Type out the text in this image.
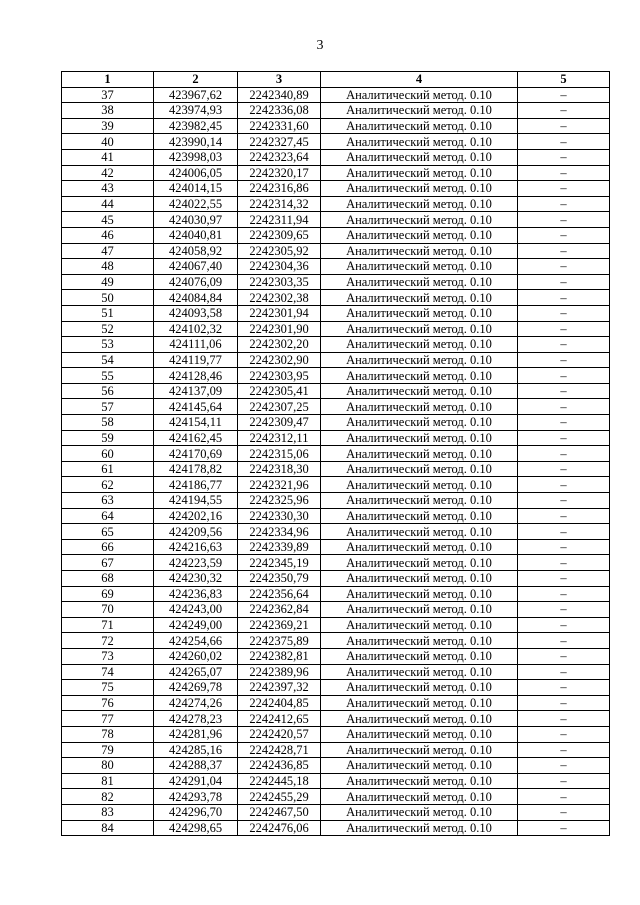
3
1	2	3	4	5
37	423967,62	2242340,89	Аналитический метод. 0.10	–
38	423974,93	2242336,08	Аналитический метод. 0.10	–
39	423982,45	2242331,60	Аналитический метод. 0.10	–
40	423990,14	2242327,45	Аналитический метод. 0.10	–
41	423998,03	2242323,64	Аналитический метод. 0.10	–
42	424006,05	2242320,17	Аналитический метод. 0.10	–
43	424014,15	2242316,86	Аналитический метод. 0.10	–
44	424022,55	2242314,32	Аналитический метод. 0.10	–
45	424030,97	2242311,94	Аналитический метод. 0.10	–
46	424040,81	2242309,65	Аналитический метод. 0.10	–
47	424058,92	2242305,92	Аналитический метод. 0.10	–
48	424067,40	2242304,36	Аналитический метод. 0.10	–
49	424076,09	2242303,35	Аналитический метод. 0.10	–
50	424084,84	2242302,38	Аналитический метод. 0.10	–
51	424093,58	2242301,94	Аналитический метод. 0.10	–
52	424102,32	2242301,90	Аналитический метод. 0.10	–
53	424111,06	2242302,20	Аналитический метод. 0.10	–
54	424119,77	2242302,90	Аналитический метод. 0.10	–
55	424128,46	2242303,95	Аналитический метод. 0.10	–
56	424137,09	2242305,41	Аналитический метод. 0.10	–
57	424145,64	2242307,25	Аналитический метод. 0.10	–
58	424154,11	2242309,47	Аналитический метод. 0.10	–
59	424162,45	2242312,11	Аналитический метод. 0.10	–
60	424170,69	2242315,06	Аналитический метод. 0.10	–
61	424178,82	2242318,30	Аналитический метод. 0.10	–
62	424186,77	2242321,96	Аналитический метод. 0.10	–
63	424194,55	2242325,96	Аналитический метод. 0.10	–
64	424202,16	2242330,30	Аналитический метод. 0.10	–
65	424209,56	2242334,96	Аналитический метод. 0.10	–
66	424216,63	2242339,89	Аналитический метод. 0.10	–
67	424223,59	2242345,19	Аналитический метод. 0.10	–
68	424230,32	2242350,79	Аналитический метод. 0.10	–
69	424236,83	2242356,64	Аналитический метод. 0.10	–
70	424243,00	2242362,84	Аналитический метод. 0.10	–
71	424249,00	2242369,21	Аналитический метод. 0.10	–
72	424254,66	2242375,89	Аналитический метод. 0.10	–
73	424260,02	2242382,81	Аналитический метод. 0.10	–
74	424265,07	2242389,96	Аналитический метод. 0.10	–
75	424269,78	2242397,32	Аналитический метод. 0.10	–
76	424274,26	2242404,85	Аналитический метод. 0.10	–
77	424278,23	2242412,65	Аналитический метод. 0.10	–
78	424281,96	2242420,57	Аналитический метод. 0.10	–
79	424285,16	2242428,71	Аналитический метод. 0.10	–
80	424288,37	2242436,85	Аналитический метод. 0.10	–
81	424291,04	2242445,18	Аналитический метод. 0.10	–
82	424293,78	2242455,29	Аналитический метод. 0.10	–
83	424296,70	2242467,50	Аналитический метод. 0.10	–
84	424298,65	2242476,06	Аналитический метод. 0.10	–
